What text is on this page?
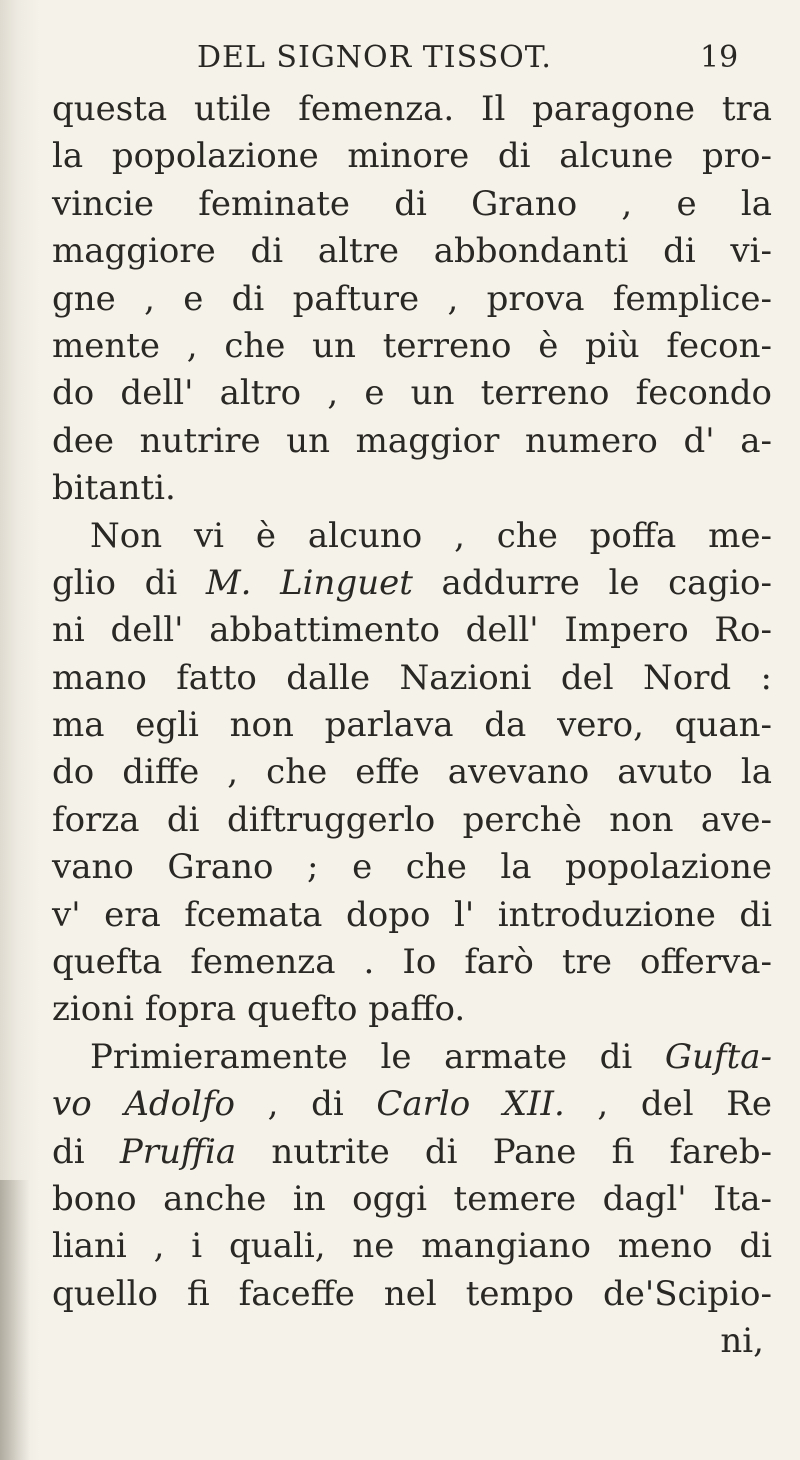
DEL SIGNOR TISSOT.	19
questa utile femenza. Il paragone tra
la popolazione minore di alcune pro-
vincie feminate di Grano , e la
maggiore di altre abbondanti di vi-
gne , e di pafture , prova femplice-
mente , che un terreno è più fecon-
do dell' altro , e un terreno fecondo
dee nutrire un maggior numero d' a-
bitanti.
Non vi è alcuno , che poffa me-
glio di M. Linguet addurre le cagio-
ni dell' abbattimento dell' Impero Ro-
mano fatto dalle Nazioni del Nord :
ma egli non parlava da vero, quan-
do diffe , che effe avevano avuto la
forza di diftruggerlo perchè non ave-
vano Grano ; e che la popolazione
v' era fcemata dopo l' introduzione di
quefta femenza . Io farò tre offerva-
zioni fopra quefto paffo.
Primieramente le armate di Gufta-
vo Adolfo , di Carlo XII. , del Re
di Pruffia nutrite di Pane fi fareb-
bono anche in oggi temere dagl' Ita-
liani , i quali, ne mangiano meno di
quello fi faceffe nel tempo de'Scipio-
ni,
